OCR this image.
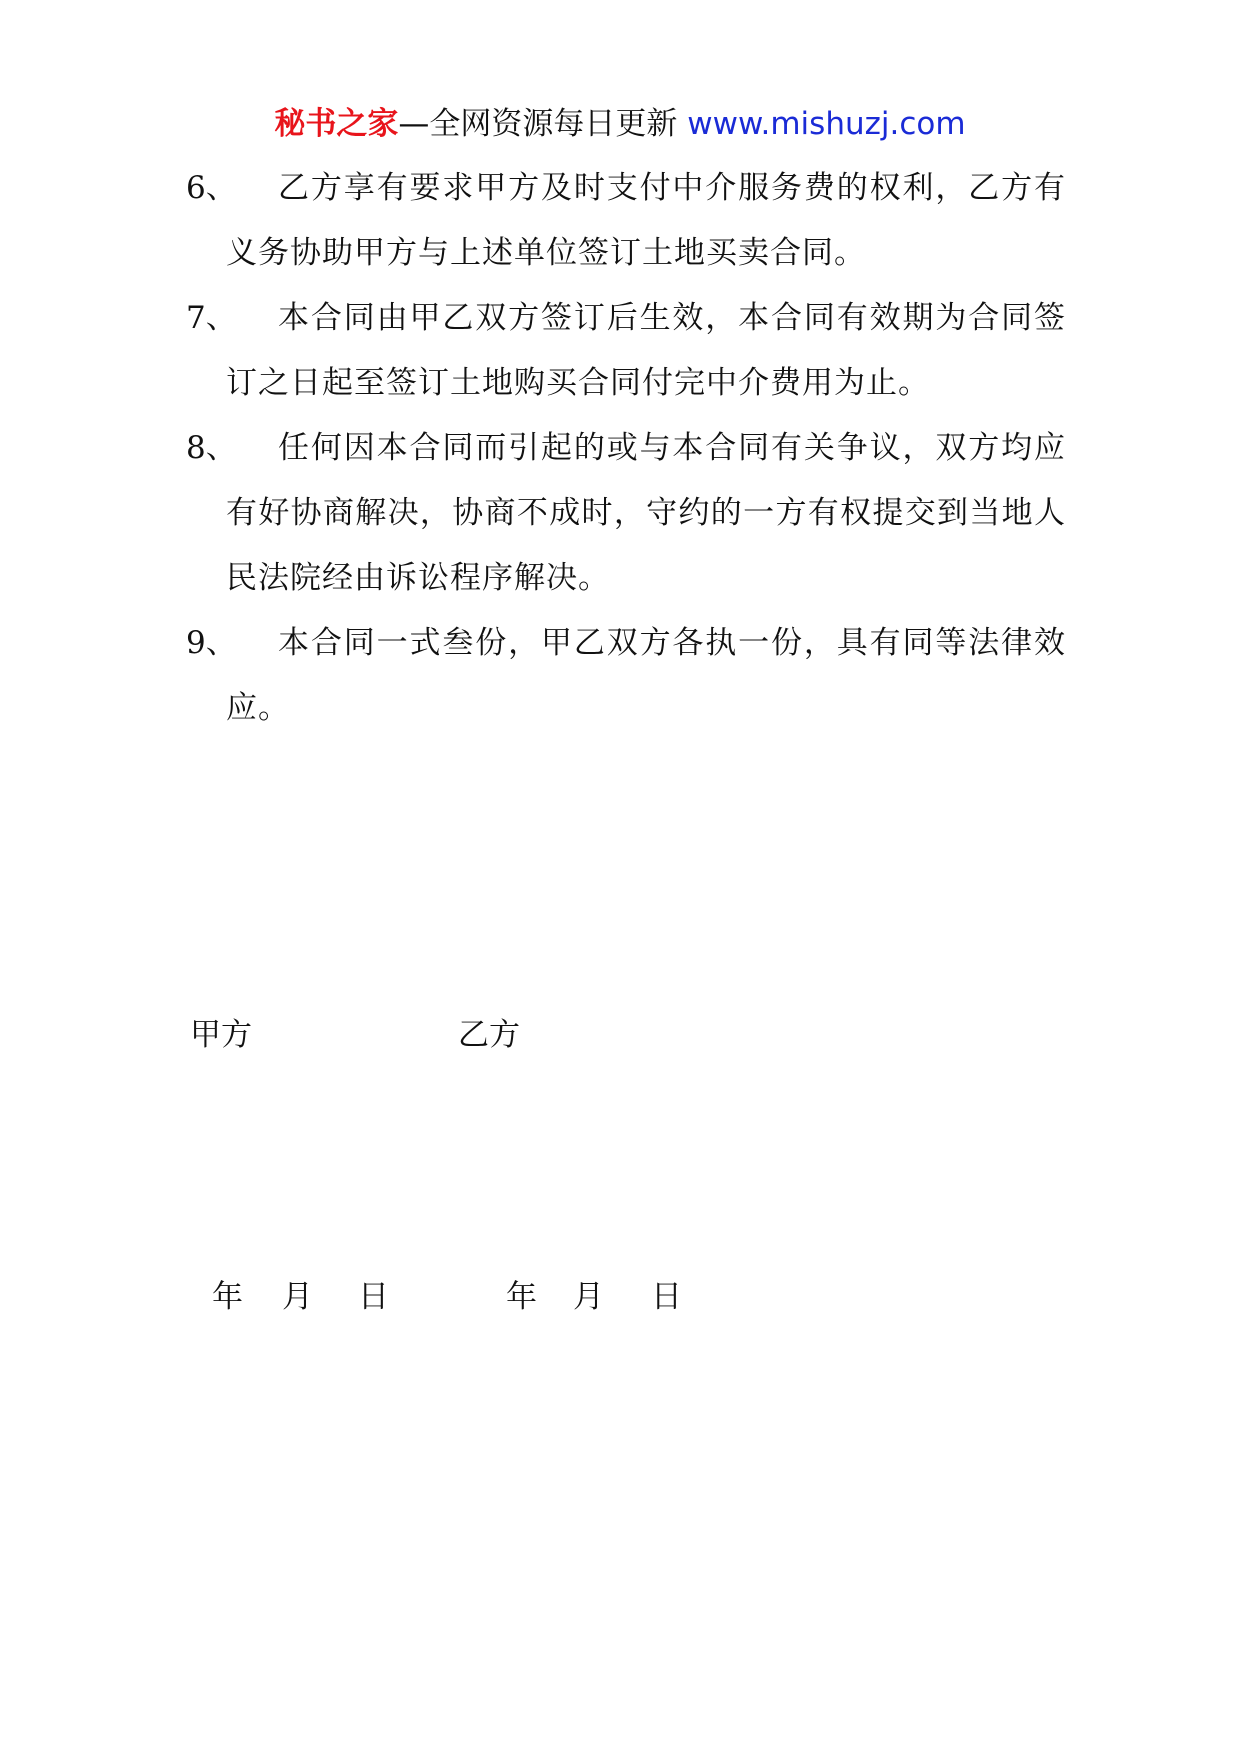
秘书之家—全网资源每日更新 www.mishuzj.com
6、	乙方享有要求甲方及时支付中介服务费的权利，乙方有义务协助甲方与上述单位签订土地买卖合同。
7、	本合同由甲乙双方签订后生效，本合同有效期为合同签订之日起至签订土地购买合同付完中介费用为止。
8、	任何因本合同而引起的或与本合同有关争议，双方均应有好协商解决，协商不成时，守约的一方有权提交到当地人民法院经由诉讼程序解决。
9、	本合同一式叁份，甲乙双方各执一份，具有同等法律效应。
甲方	乙方
年 月 日	年 月 日
